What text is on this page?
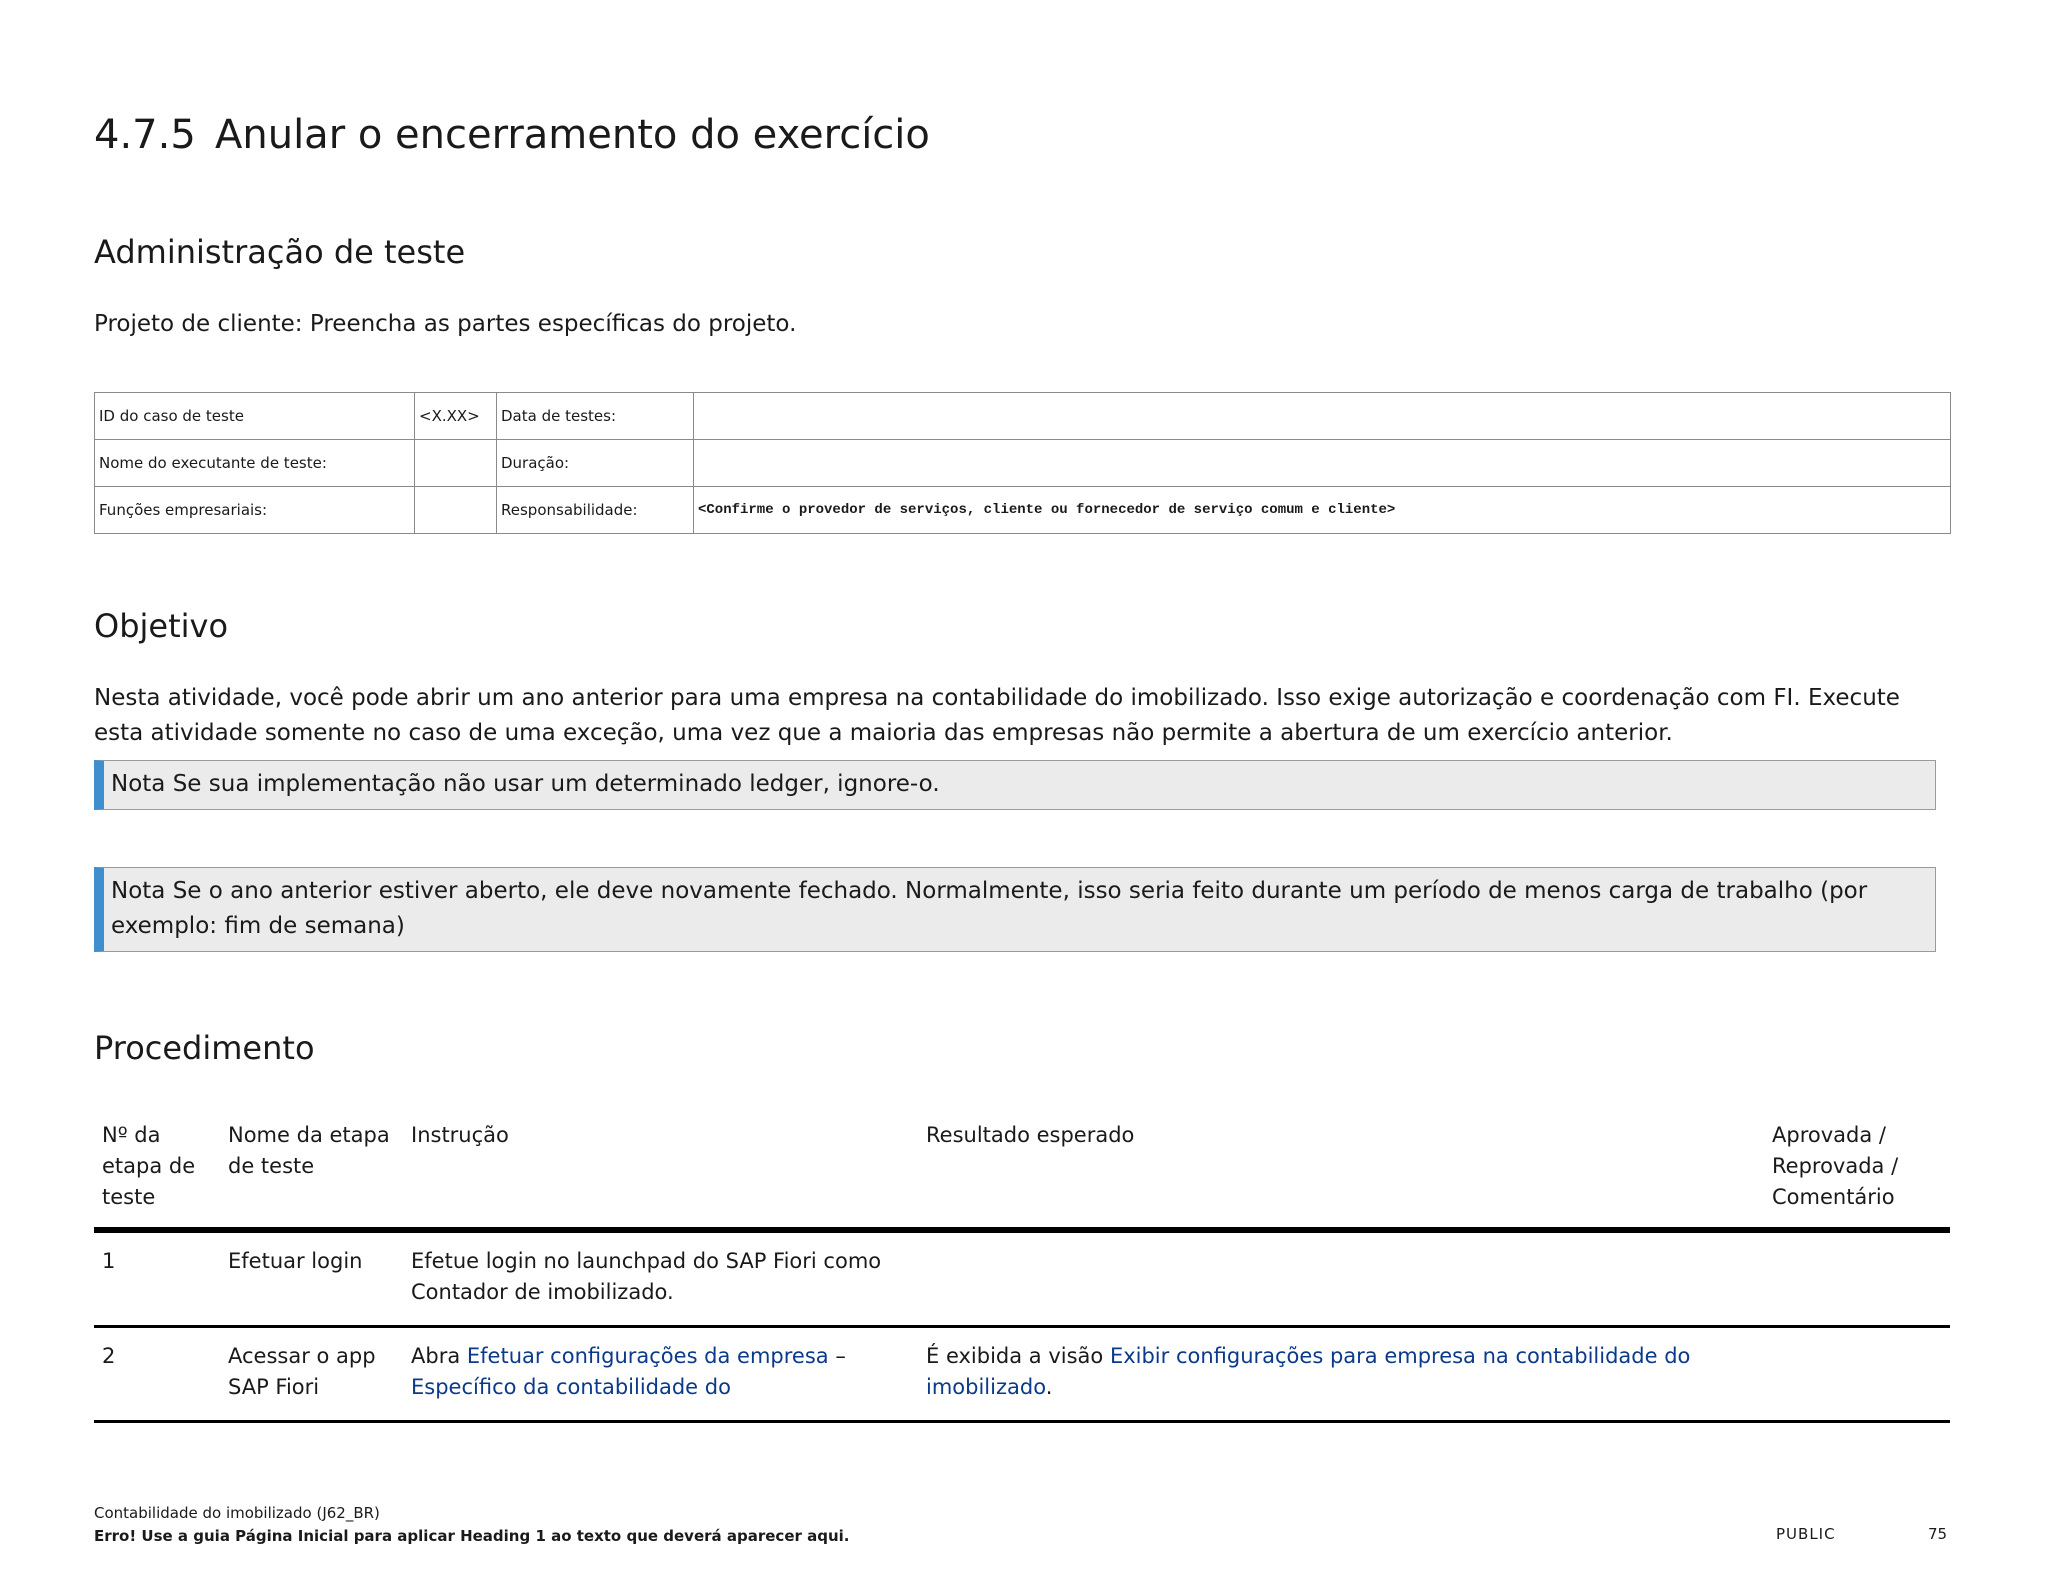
4.7.5 Anular o encerramento do exercício
Administração de teste
Projeto de cliente: Preencha as partes específicas do projeto.
ID do caso de teste	<X.XX>	Data de testes:	
Nome do executante de teste:		Duração:	
Funções empresariais:		Responsabilidade:	<Confirme o provedor de serviços, cliente ou fornecedor de serviço comum e cliente>
Objetivo
Nesta atividade, você pode abrir um ano anterior para uma empresa na contabilidade do imobilizado. Isso exige autorização e coordenação com FI. Execute esta atividade somente no caso de uma exceção, uma vez que a maioria das empresas não permite a abertura de um exercício anterior.
Nota Se sua implementação não usar um determinado ledger, ignore-o.
Nota Se o ano anterior estiver aberto, ele deve novamente fechado. Normalmente, isso seria feito durante um período de menos carga de trabalho (por exemplo: fim de semana)
Procedimento
Nº da etapa de teste	Nome da etapa de teste	Instrução	Resultado esperado	Aprovada / Reprovada / Comentário
1	Efetuar login	Efetue login no launchpad do SAP Fiori como Contador de imobilizado.		
2	Acessar o app SAP Fiori	Abra Efetuar configurações da empresa – Específico da contabilidade do	É exibida a visão Exibir configurações para empresa na contabilidade do imobilizado.	
Contabilidade do imobilizado (J62_BR)
Erro! Use a guia Página Inicial para aplicar Heading 1 ao texto que deverá aparecer aqui.	PUBLIC	75
